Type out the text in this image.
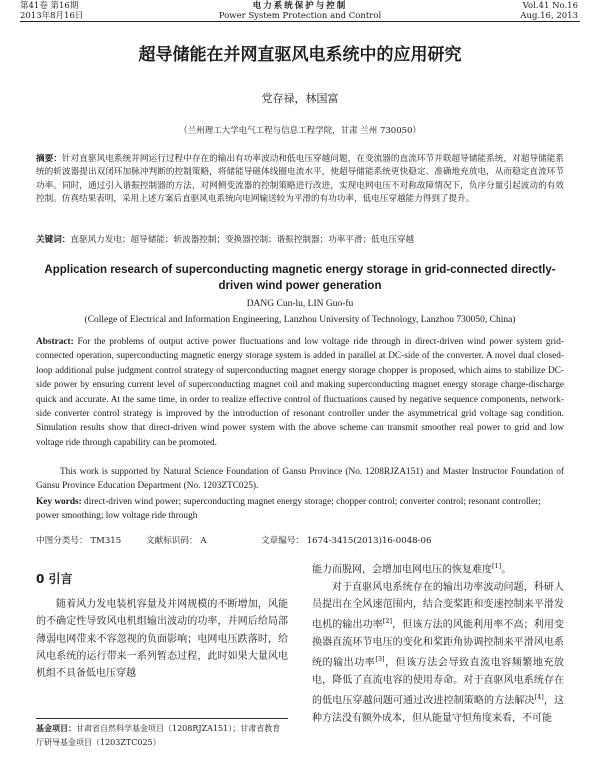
第41卷 第16期
2013年8月16日
电力系统保护与控制
Power System Protection and Control
Vol.41 No.16
Aug.16, 2013
超导储能在并网直驱风电系统中的应用研究
党存禄，林国富
（兰州理工大学电气工程与信息工程学院，甘肃 兰州 730050）
摘要：针对直驱风电系统并网运行过程中存在的输出有功率波动和低电压穿越问题，在变流器的直流环节并联超导储能系统，对超导储能系统的斩波器提出双闭环加脉冲判断的控制策略，将储能导磁体线圈电流水平，使超导储能系统更快稳定、准确地充放电，从而稳定直流环节功率。同时，通过引入谐振控制器的方法，对网侧变流器的控制策略进行改进，实现电网电压不对称故障情况下，负序分量引起波动的有效控制。仿真结果表明，采用上述方案后直驱风电系统向电网输送较为平滑的有功功率，低电压穿越能力得到了提升。
关键词：直驱风力发电；超导储能；斩波器控制；变换器控制；谐振控制器；功率平滑；低电压穿越
Application research of superconducting magnetic energy storage in grid-connected directly-driven wind power generation
DANG Cun-lu, LIN Guo-fu
(College of Electrical and Information Engineering, Lanzhou University of Technology, Lanzhou 730050, China)
Abstract: For the problems of output active power fluctuations and low voltage ride through in direct-driven wind power system grid-connected operation, superconducting magnetic energy storage system is added in parallel at DC-side of the converter. A novel dual closed-loop additional pulse judgment control strategy of superconducting magnet energy storage chopper is proposed, which aims to stabilize DC-side power by ensuring current level of superconducting magnet coil and making superconducting magnet energy storage charge-discharge quick and accurate. At the same time, in order to realize effective control of fluctuations caused by negative sequence components, network-side converter control strategy is improved by the introduction of resonant controller under the asymmetrical grid voltage sag condition. Simulation results show that direct-driven wind power system with the above scheme can transmit smoother real power to grid and low voltage ride through capability can be promoted.
This work is supported by Natural Science Foundation of Gansu Province (No. 1208RJZA151) and Master Instructor Foundation of Gansu Province Education Department (No. 1203ZTC025).
Key words: direct-driven wind power; superconducting magnet energy storage; chopper control; converter control; resonant controller; power smoothing; low voltage ride through
中图分类号： TM315	文献标识码： A	文章编号： 1674-3415(2013)16-0048-06
0 引言
随着风力发电装机容量及并网规模的不断增加，风能的不确定性导致风电机组输出波动的功率，并网后给局部薄弱电网带来不容忽视的负面影响；电网电压跌落时，给风电系统的运行带来一系列暂态过程，此时如果大量风电机组不具备低电压穿越
能力而脱网，会增加电网电压的恢复难度[1]。
对于直驱风电系统存在的输出功率波动问题，科研人员提出在全风速范围内，结合变桨距和变速控制来平滑发电机的输出功率[2]，但该方法的风能利用率不高；利用变换器直流环节电压的变化和桨距角协调控制来平滑风电系统的输出功率[3]，但该方法会导致直流电容频繁地充放电，降低了直流电容的使用寿命。对于直驱风电系统存在的低电压穿越问题可通过改进控制策略的方法解决[4]，这种方法没有额外成本，但从能量守恒角度来看，不可能
基金项目：甘肃省自然科学基金项目（1208RJZA151）；甘肃省教育厅研导基金项目（1203ZTC025）
